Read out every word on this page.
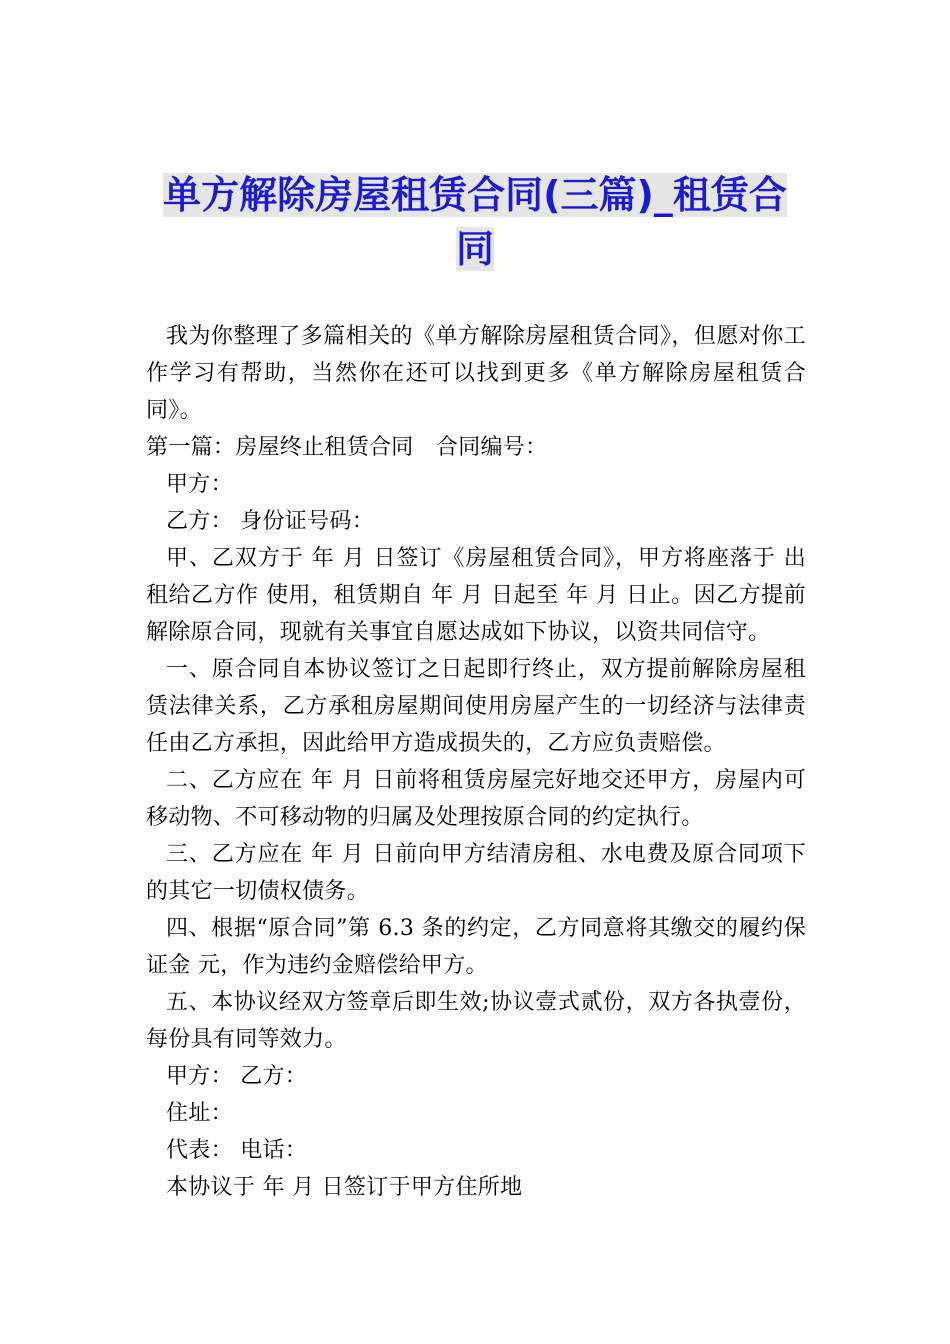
单方解除房屋租赁合同(三篇)_租赁合同

我为你整理了多篇相关的《单方解除房屋租赁合同》，但愿对你工作学习有帮助，当然你在还可以找到更多《单方解除房屋租赁合同》。

第一篇：房屋终止租赁合同　合同编号：

甲方：

乙方： 身份证号码：

甲、乙双方于 年 月 日签订《房屋租赁合同》，甲方将座落于 出租给乙方作 使用，租赁期自 年 月 日起至 年 月 日止。因乙方提前解除原合同，现就有关事宜自愿达成如下协议，以资共同信守。

一、原合同自本协议签订之日起即行终止，双方提前解除房屋租赁法律关系，乙方承租房屋期间使用房屋产生的一切经济与法律责任由乙方承担，因此给甲方造成损失的，乙方应负责赔偿。

二、乙方应在 年 月 日前将租赁房屋完好地交还甲方，房屋内可移动物、不可移动物的归属及处理按原合同的约定执行。

三、乙方应在 年 月 日前向甲方结清房租、水电费及原合同项下的其它一切债权债务。

四、根据“原合同”第 6.3 条的约定，乙方同意将其缴交的履约保证金 元，作为违约金赔偿给甲方。

五、本协议经双方签章后即生效;协议壹式贰份，双方各执壹份，每份具有同等效力。

甲方： 乙方：

住址：

代表： 电话：

本协议于 年 月 日签订于甲方住所地
